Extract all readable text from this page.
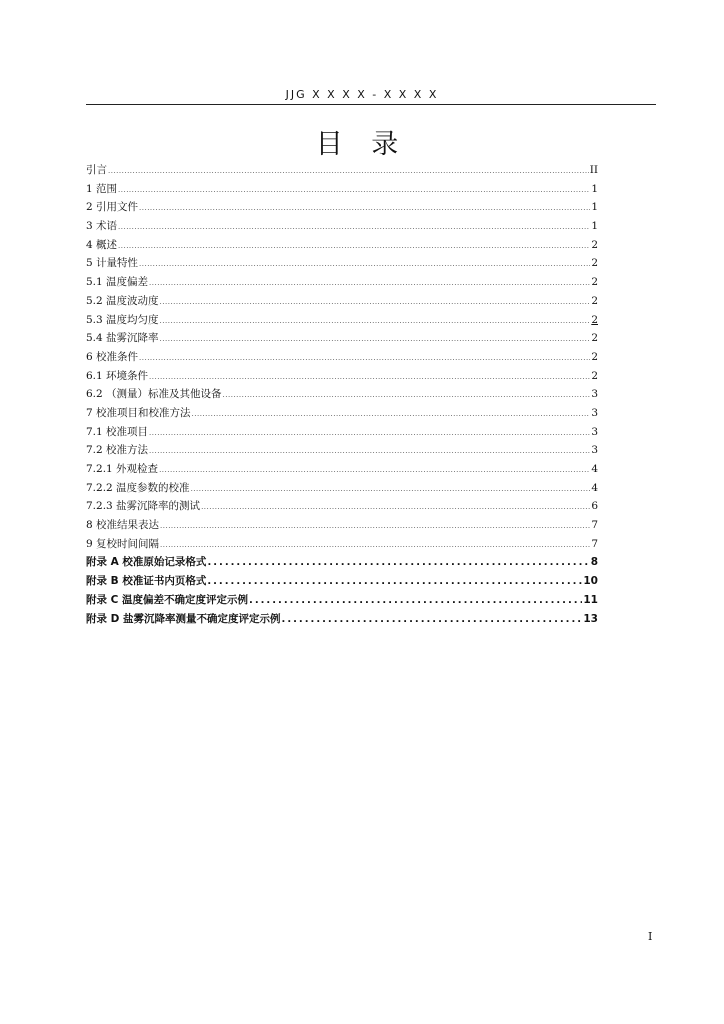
JJG X X X X - X X X X
目 录
引言 .....	II
1 范围 .....	1
2 引用文件 .....	1
3 术语 .....	1
4 概述 .....	2
5 计量特性 .....	2
5.1 温度偏差 .....	2
5.2 温度波动度 .....	2
5.3 温度均匀度 .....	2
5.4 盐雾沉降率 .....	2
6 校准条件 .....	2
6.1 环境条件 .....	2
6.2 （测量）标准及其他设备 .....	3
7 校准项目和校准方法 .....	3
7.1 校准项目 .....	3
7.2 校准方法 .....	3
7.2.1 外观检查 .....	4
7.2.2 温度参数的校准 .....	4
7.2.3 盐雾沉降率的测试 .....	6
8 校准结果表达 .....	7
9 复校时间间隔 .....	7
附录 A 校准原始记录格式 .....	8
附录 B 校准证书内页格式 .....	10
附录 C 温度偏差不确定度评定示例 .....	11
附录 D 盐雾沉降率测量不确定度评定示例 .....	13
I
